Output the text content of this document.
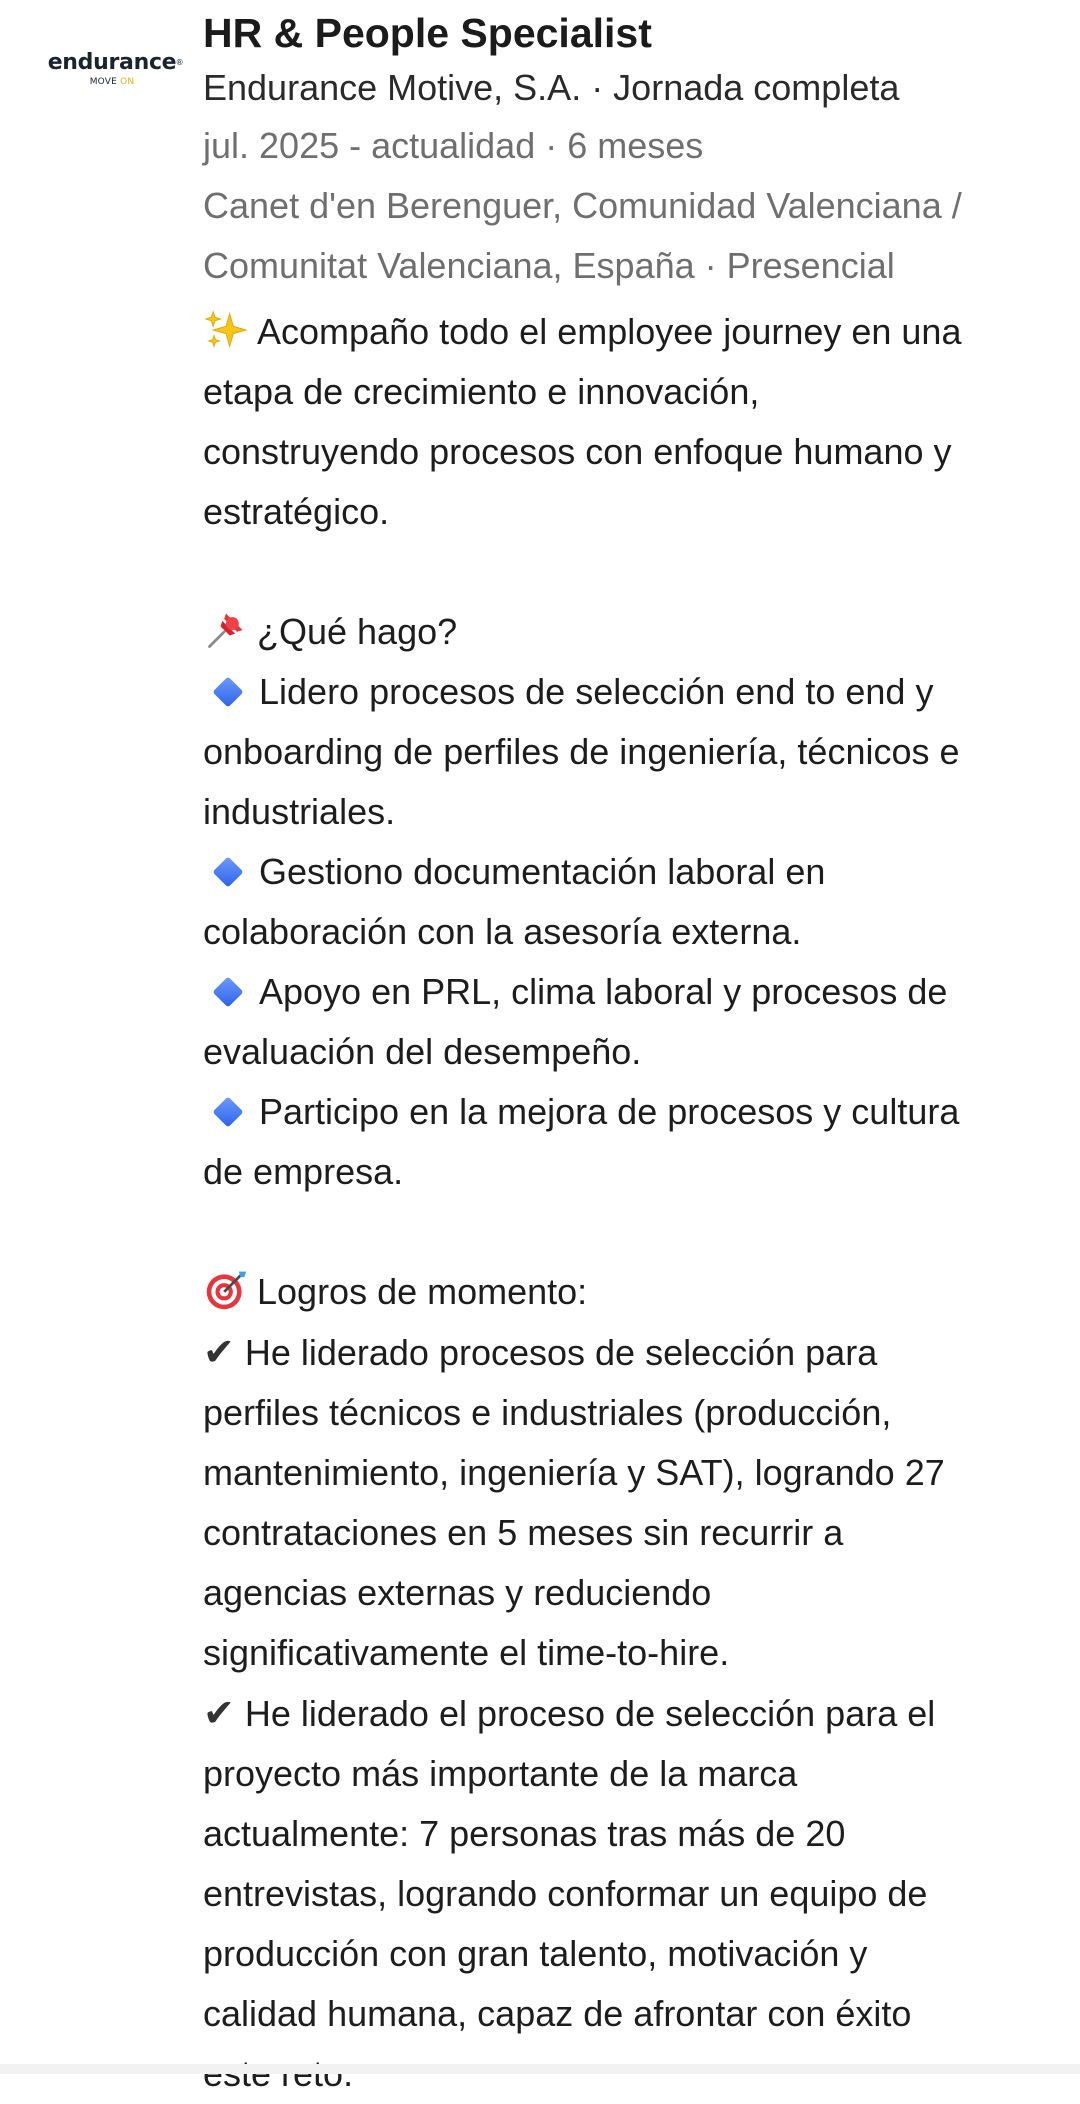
endurance ®
MOVE ON
HR & People Specialist

Endurance Motive, S.A. · Jornada completa

jul. 2025 - actualidad · 6 meses

Canet d'en Berenguer, Comunidad Valenciana /

Comunitat Valenciana, España · Presencial

Acompaño todo el employee journey en una
etapa de crecimiento e innovación,
construyendo procesos con enfoque humano y
estratégico.
¿Qué hago?
Lidero procesos de selección end to end y
onboarding de perfiles de ingeniería, técnicos e
industriales.
Gestiono documentación laboral en
colaboración con la asesoría externa.
Apoyo en PRL, clima laboral y procesos de
evaluación del desempeño.
Participo en la mejora de procesos y cultura
de empresa.
Logros de momento:
✔ He liderado procesos de selección para
perfiles técnicos e industriales (producción,
mantenimiento, ingeniería y SAT), logrando 27
contrataciones en 5 meses sin recurrir a
agencias externas y reduciendo
significativamente el time-to-hire.
✔ He liderado el proceso de selección para el
proyecto más importante de la marca
actualmente: 7 personas tras más de 20
entrevistas, logrando conformar un equipo de
producción con gran talento, motivación y
calidad humana, capaz de afrontar con éxito
